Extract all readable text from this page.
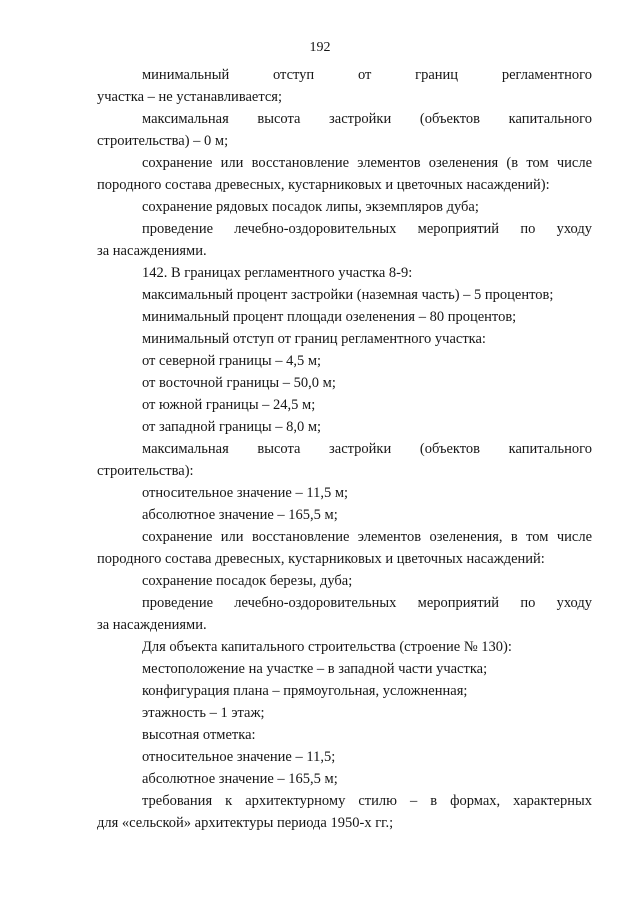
192

минимальный отступ от границ регламентного

участка – не устанавливается;

максимальная высота застройки (объектов капитального

строительства) – 0 м;

сохранение или восстановление элементов озеленения (в том числе

породного состава древесных, кустарниковых и цветочных насаждений):

сохранение рядовых посадок липы, экземпляров дуба;

проведение лечебно-оздоровительных мероприятий по уходу

за насаждениями.

142. В границах регламентного участка 8-9:

максимальный процент застройки (наземная часть) – 5 процентов;

минимальный процент площади озеленения – 80 процентов;

минимальный отступ от границ регламентного участка:

от северной границы – 4,5 м;

от восточной границы – 50,0 м;

от южной границы – 24,5 м;

от западной границы – 8,0 м;

максимальная высота застройки (объектов капитального

строительства):

относительное значение – 11,5 м;

абсолютное значение – 165,5 м;

сохранение или восстановление элементов озеленения, в том числе

породного состава древесных, кустарниковых и цветочных насаждений:

сохранение посадок березы, дуба;

проведение лечебно-оздоровительных мероприятий по уходу

за насаждениями.

Для объекта капитального строительства (строение № 130):

местоположение на участке – в западной части участка;

конфигурация плана – прямоугольная, усложненная;

этажность – 1 этаж;

высотная отметка:

относительное значение – 11,5;

абсолютное значение – 165,5 м;

требования к архитектурному стилю – в формах, характерных

для «сельской» архитектуры периода 1950-х гг.;
